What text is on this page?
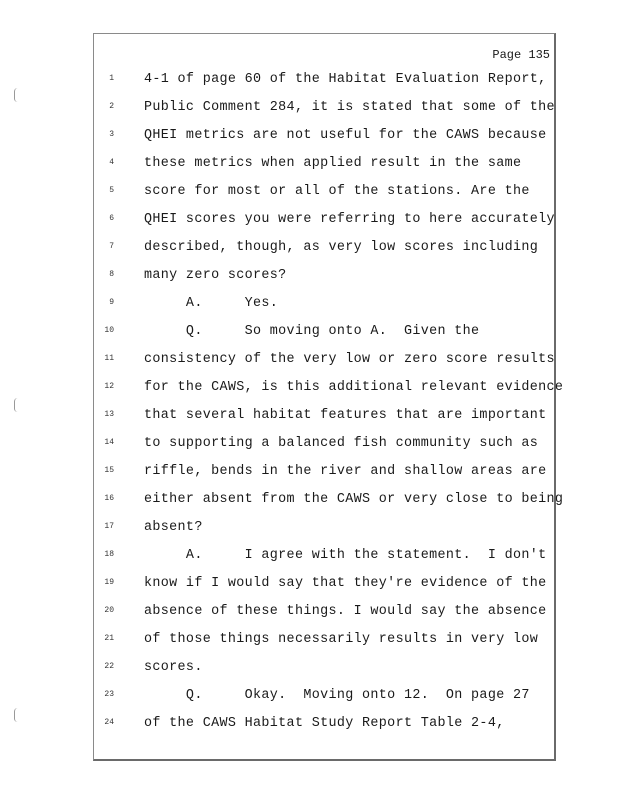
Page 135
1 4-1 of page 60 of the Habitat Evaluation Report,
2 Public Comment 284, it is stated that some of the
3 QHEI metrics are not useful for the CAWS because
4 these metrics when applied result in the same
5 score for most or all of the stations. Are the
6 QHEI scores you were referring to here accurately
7 described, though, as very low scores including
8 many zero scores?
9 A.     Yes.
10 Q.     So moving onto A.  Given the
11 consistency of the very low or zero score results
12 for the CAWS, is this additional relevant evidence
13 that several habitat features that are important
14 to supporting a balanced fish community such as
15 riffle, bends in the river and shallow areas are
16 either absent from the CAWS or very close to being
17 absent?
18 A.     I agree with the statement.  I don't
19 know if I would say that they're evidence of the
20 absence of these things. I would say the absence
21 of those things necessarily results in very low
22 scores.
23 Q.     Okay.  Moving onto 12.  On page 27
24 of the CAWS Habitat Study Report Table 2-4,
